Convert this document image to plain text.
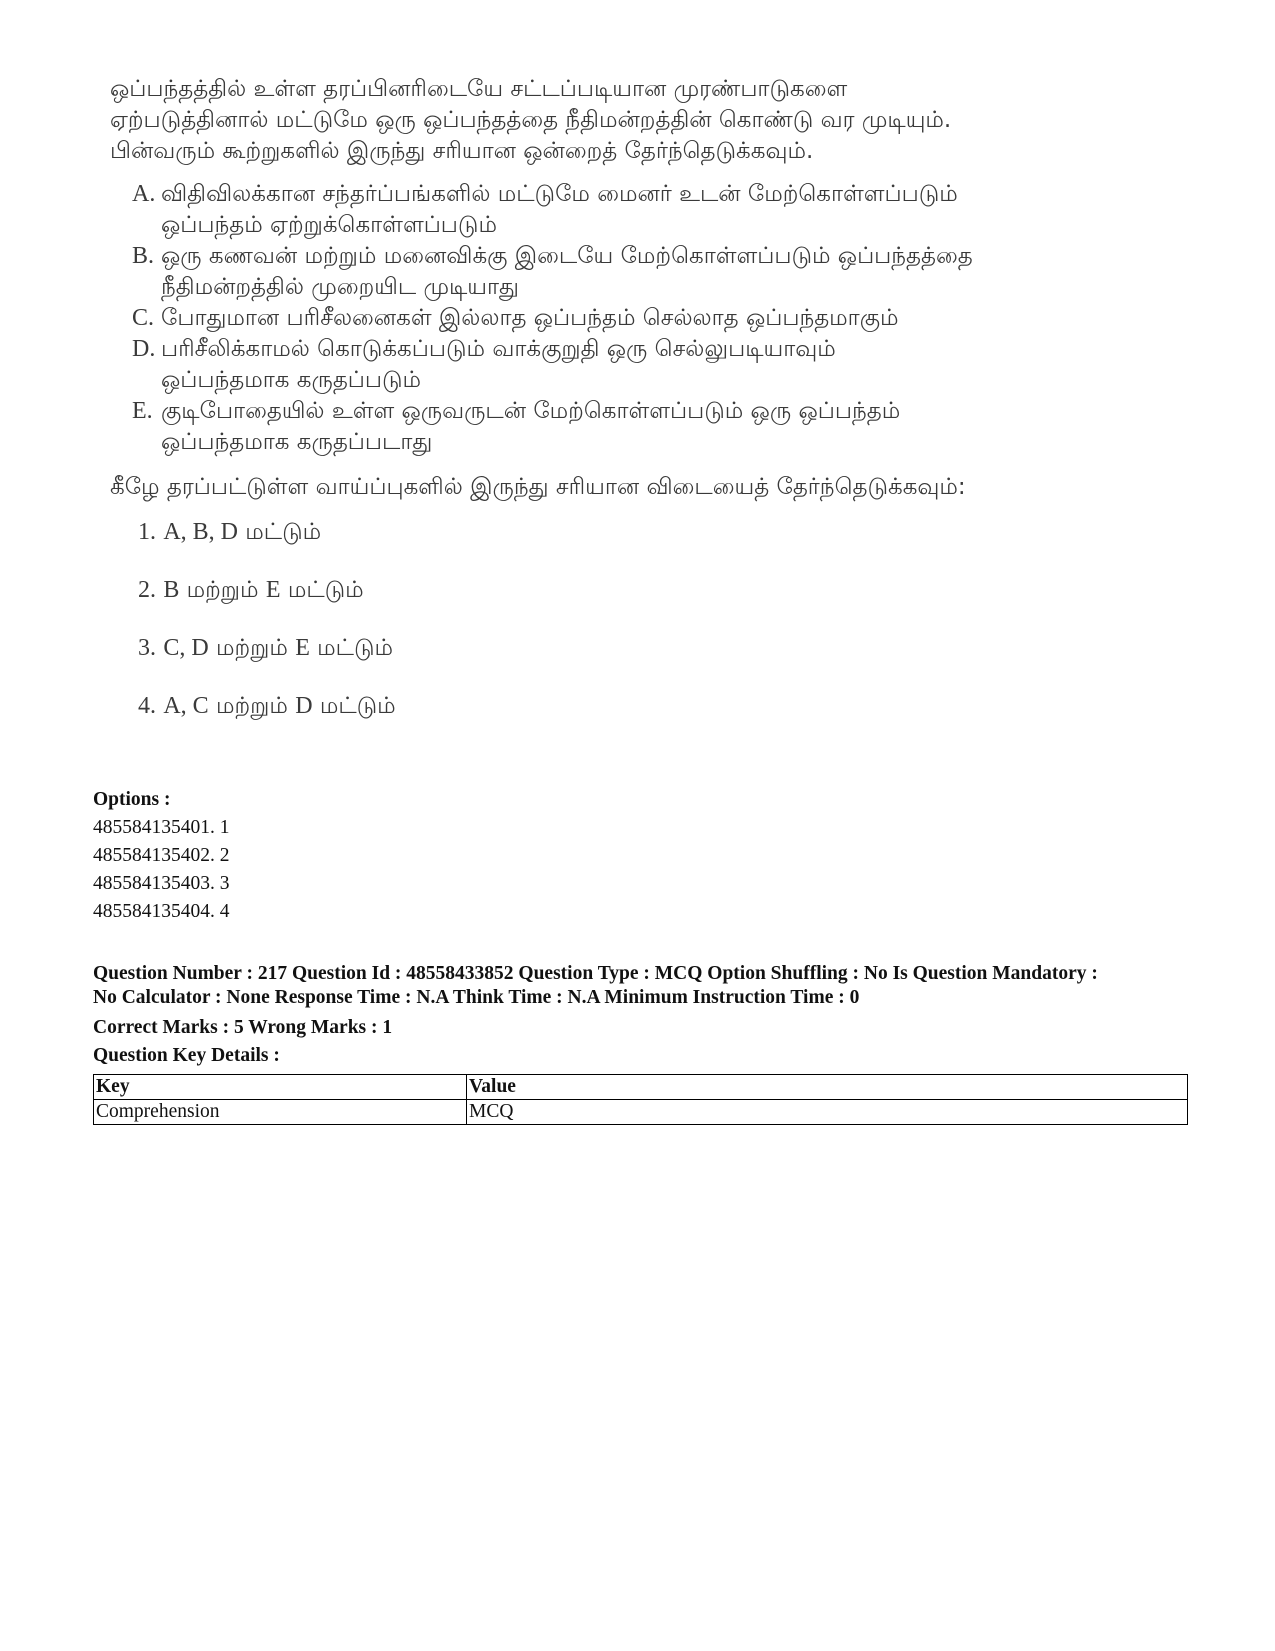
ஒப்பந்தத்தில் உள்ள தரப்பினரிடையே சட்டப்படியான முரண்பாடுகளை
ஏற்படுத்தினால் மட்டுமே ஒரு ஒப்பந்தத்தை நீதிமன்றத்தின் கொண்டு வர முடியும்.
பின்வரும் கூற்றுகளில் இருந்து சரியான ஒன்றைத் தேர்ந்தெடுக்கவும்.
A. விதிவிலக்கான சந்தர்ப்பங்களில் மட்டுமே மைனர் உடன் மேற்கொள்ளப்படும்
ஒப்பந்தம் ஏற்றுக்கொள்ளப்படும்
B. ஒரு கணவன் மற்றும் மனைவிக்கு இடையே மேற்கொள்ளப்படும் ஒப்பந்தத்தை
நீதிமன்றத்தில் முறையிட முடியாது
C. போதுமான பரிசீலனைகள் இல்லாத ஒப்பந்தம் செல்லாத ஒப்பந்தமாகும்
D. பரிசீலிக்காமல் கொடுக்கப்படும் வாக்குறுதி ஒரு செல்லுபடியாவும்
ஒப்பந்தமாக கருதப்படும்
E. குடிபோதையில் உள்ள ஒருவருடன் மேற்கொள்ளப்படும் ஒரு ஒப்பந்தம்
ஒப்பந்தமாக கருதப்படாது
கீழே தரப்பட்டுள்ள வாய்ப்புகளில் இருந்து சரியான விடையைத் தேர்ந்தெடுக்கவும்:
1. A, B, D மட்டும்
2. B மற்றும் E மட்டும்
3. C, D மற்றும் E மட்டும்
4. A, C மற்றும் D மட்டும்
Options :
485584135401. 1
485584135402. 2
485584135403. 3
485584135404. 4
Question Number : 217 Question Id : 48558433852 Question Type : MCQ Option Shuffling : No Is Question Mandatory :
No Calculator : None Response Time : N.A Think Time : N.A Minimum Instruction Time : 0
Correct Marks : 5 Wrong Marks : 1
Question Key Details :
Key	Value
Comprehension	MCQ
